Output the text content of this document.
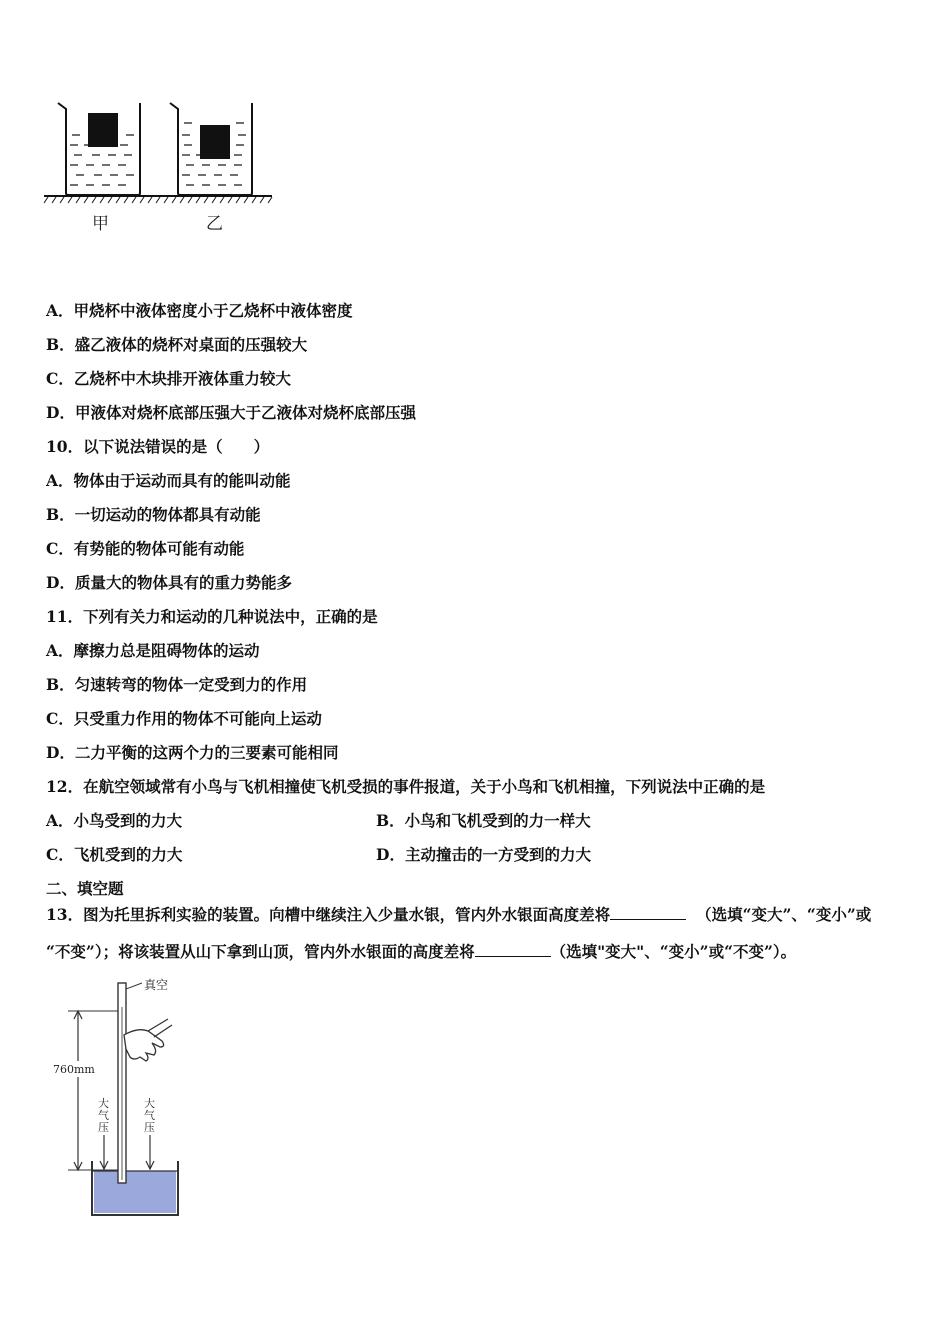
甲	乙
A．甲烧杯中液体密度小于乙烧杯中液体密度
B．盛乙液体的烧杯对桌面的压强较大
C．乙烧杯中木块排开液体重力较大
D．甲液体对烧杯底部压强大于乙液体对烧杯底部压强
10．以下说法错误的是（　　）
A．物体由于运动而具有的能叫动能
B．一切运动的物体都具有动能
C．有势能的物体可能有动能
D．质量大的物体具有的重力势能多
11．下列有关力和运动的几种说法中，正确的是
A．摩擦力总是阻碍物体的运动
B．匀速转弯的物体一定受到力的作用
C．只受重力作用的物体不可能向上运动
D．二力平衡的这两个力的三要素可能相同
12．在航空领域常有小鸟与飞机相撞使飞机受损的事件报道，关于小鸟和飞机相撞，下列说法中正确的是
A．小鸟受到的力大	B．小鸟和飞机受到的力一样大
C．飞机受到的力大	D．主动撞击的一方受到的力大
二、填空题
13．图为托里拆利实验的装置。向槽中继续注入少量水银，管内外水银面高度差将	（选填“变大”、“变小”或
“不变”）；将该装置从山下拿到山顶，管内外水银面的高度差将	（选填"变大"、“变小”或“不变”）。
真空
760mm
大气压
大气压
